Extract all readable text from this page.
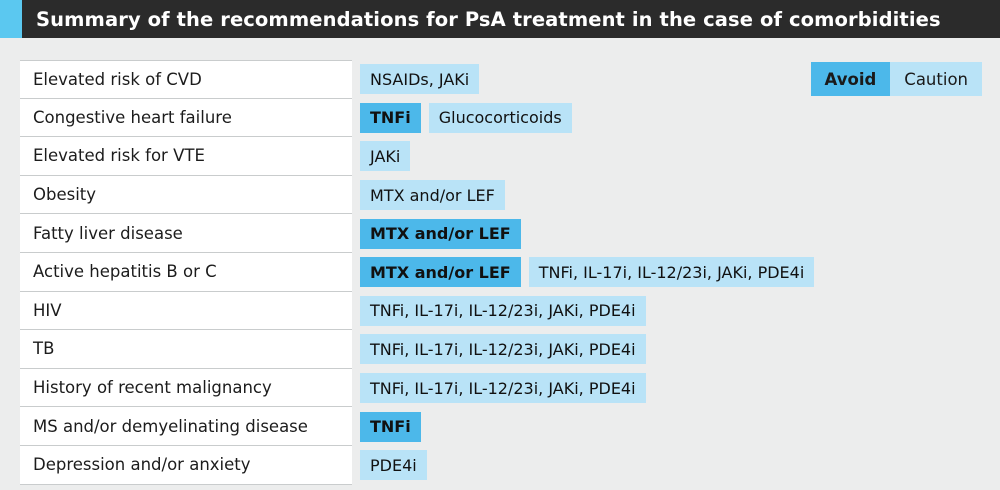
Summary of the recommendations for PsA treatment in the case of comorbidities
Avoid	Caution
Elevated risk of CVD	NSAIDs, JAKi
Congestive heart failure	TNFi	Glucocorticoids
Elevated risk for VTE	JAKi
Obesity	MTX and/or LEF
Fatty liver disease	MTX and/or LEF
Active hepatitis B or C	MTX and/or LEF	TNFi, IL-17i, IL-12/23i, JAKi, PDE4i
HIV	TNFi, IL-17i, IL-12/23i, JAKi, PDE4i
TB	TNFi, IL-17i, IL-12/23i, JAKi, PDE4i
History of recent malignancy	TNFi, IL-17i, IL-12/23i, JAKi, PDE4i
MS and/or demyelinating disease	TNFi
Depression and/or anxiety	PDE4i
